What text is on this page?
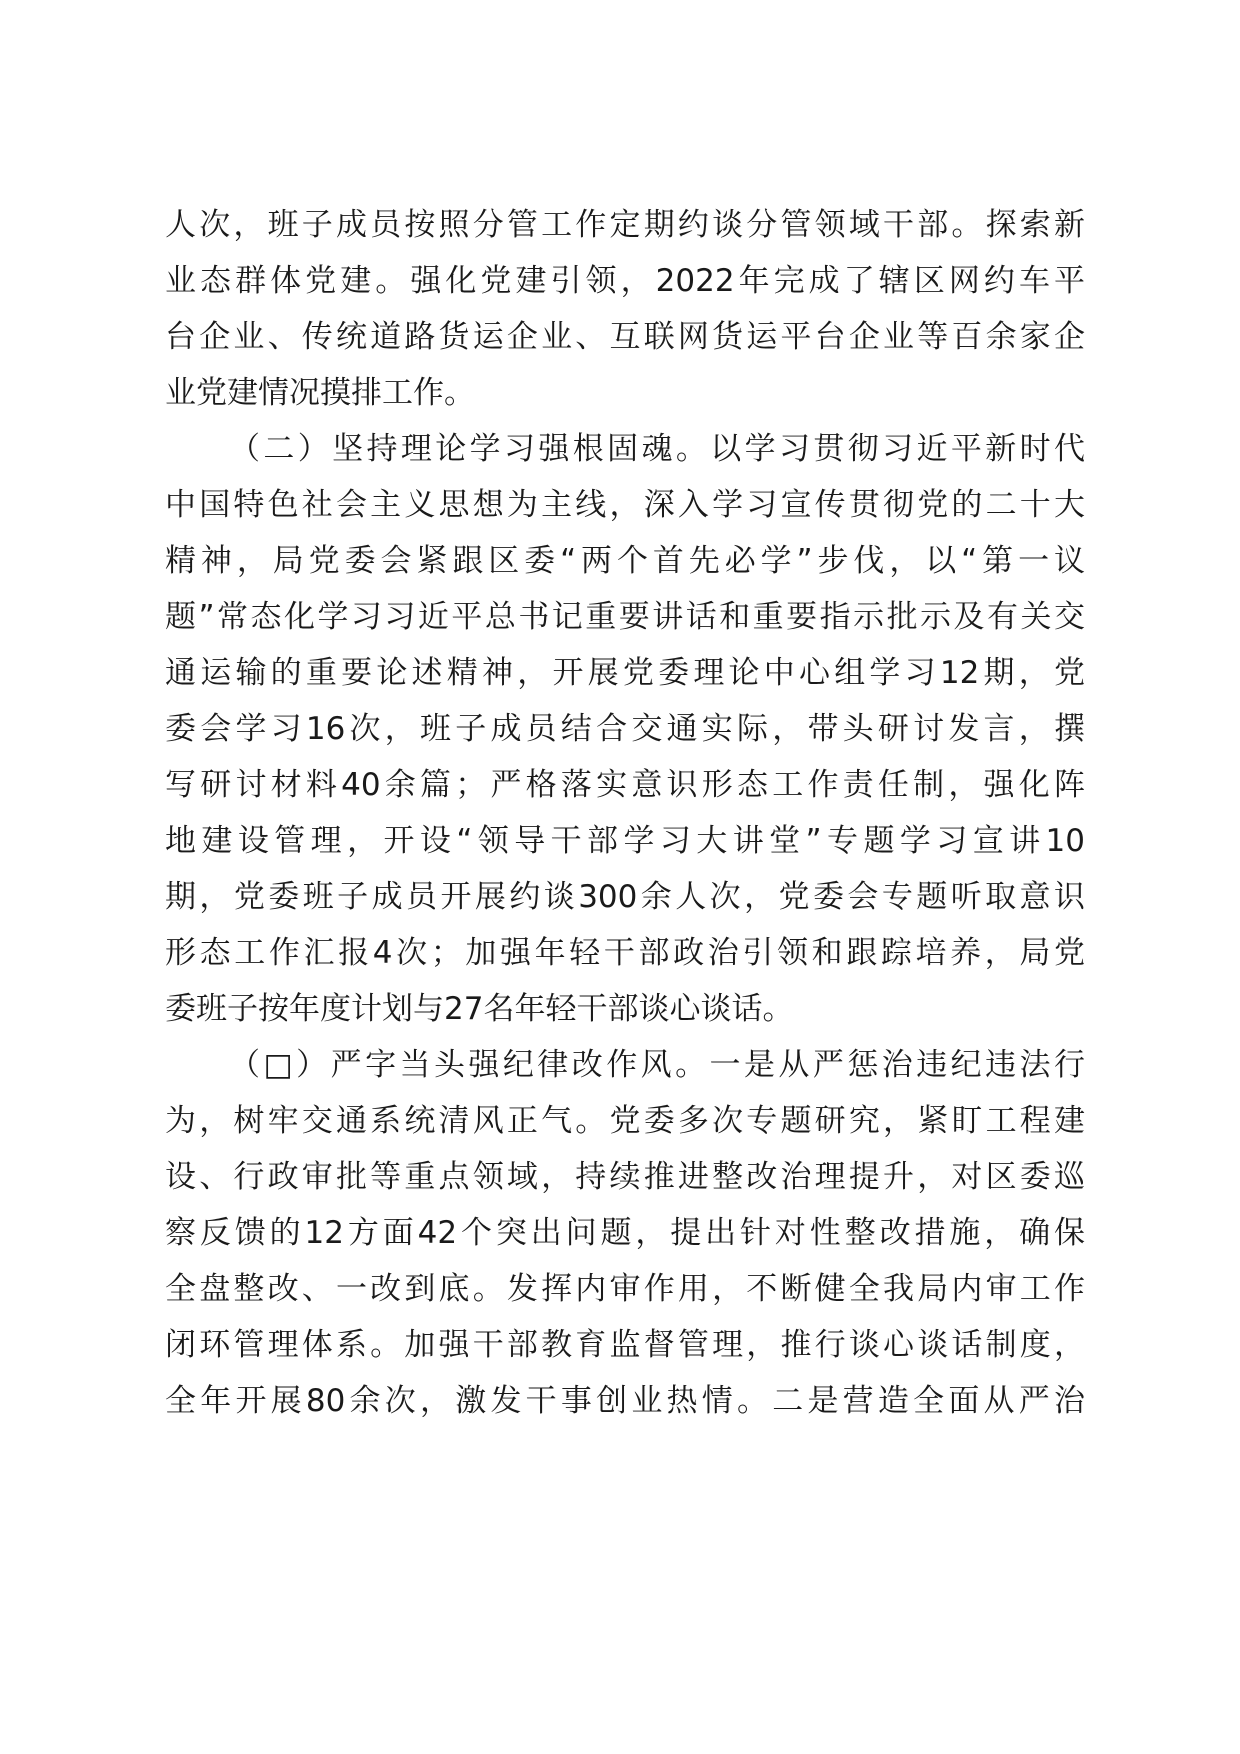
人次，班子成员按照分管工作定期约谈分管领域干部。探索新
业态群体党建。强化党建引领，2022年完成了辖区网约车平
台企业、传统道路货运企业、互联网货运平台企业等百余家企
业党建情况摸排工作。
（二）坚持理论学习强根固魂。以学习贯彻习近平新时代
中国特色社会主义思想为主线，深入学习宣传贯彻党的二十大
精神，局党委会紧跟区委“两个首先必学”步伐，以“第一议
题”常态化学习习近平总书记重要讲话和重要指示批示及有关交
通运输的重要论述精神，开展党委理论中心组学习12期，党
委会学习16次，班子成员结合交通实际，带头研讨发言，撰
写研讨材料40余篇；严格落实意识形态工作责任制，强化阵
地建设管理，开设“领导干部学习大讲堂”专题学习宣讲10
期，党委班子成员开展约谈300余人次，党委会专题听取意识
形态工作汇报4次；加强年轻干部政治引领和跟踪培养，局党
委班子按年度计划与27名年轻干部谈心谈话。
（□）严字当头强纪律改作风。一是从严惩治违纪违法行
为，树牢交通系统清风正气。党委多次专题研究，紧盯工程建
设、行政审批等重点领域，持续推进整改治理提升，对区委巡
察反馈的12方面42个突出问题，提出针对性整改措施，确保
全盘整改、一改到底。发挥内审作用，不断健全我局内审工作
闭环管理体系。加强干部教育监督管理，推行谈心谈话制度，
全年开展80余次，激发干事创业热情。二是营造全面从严治
